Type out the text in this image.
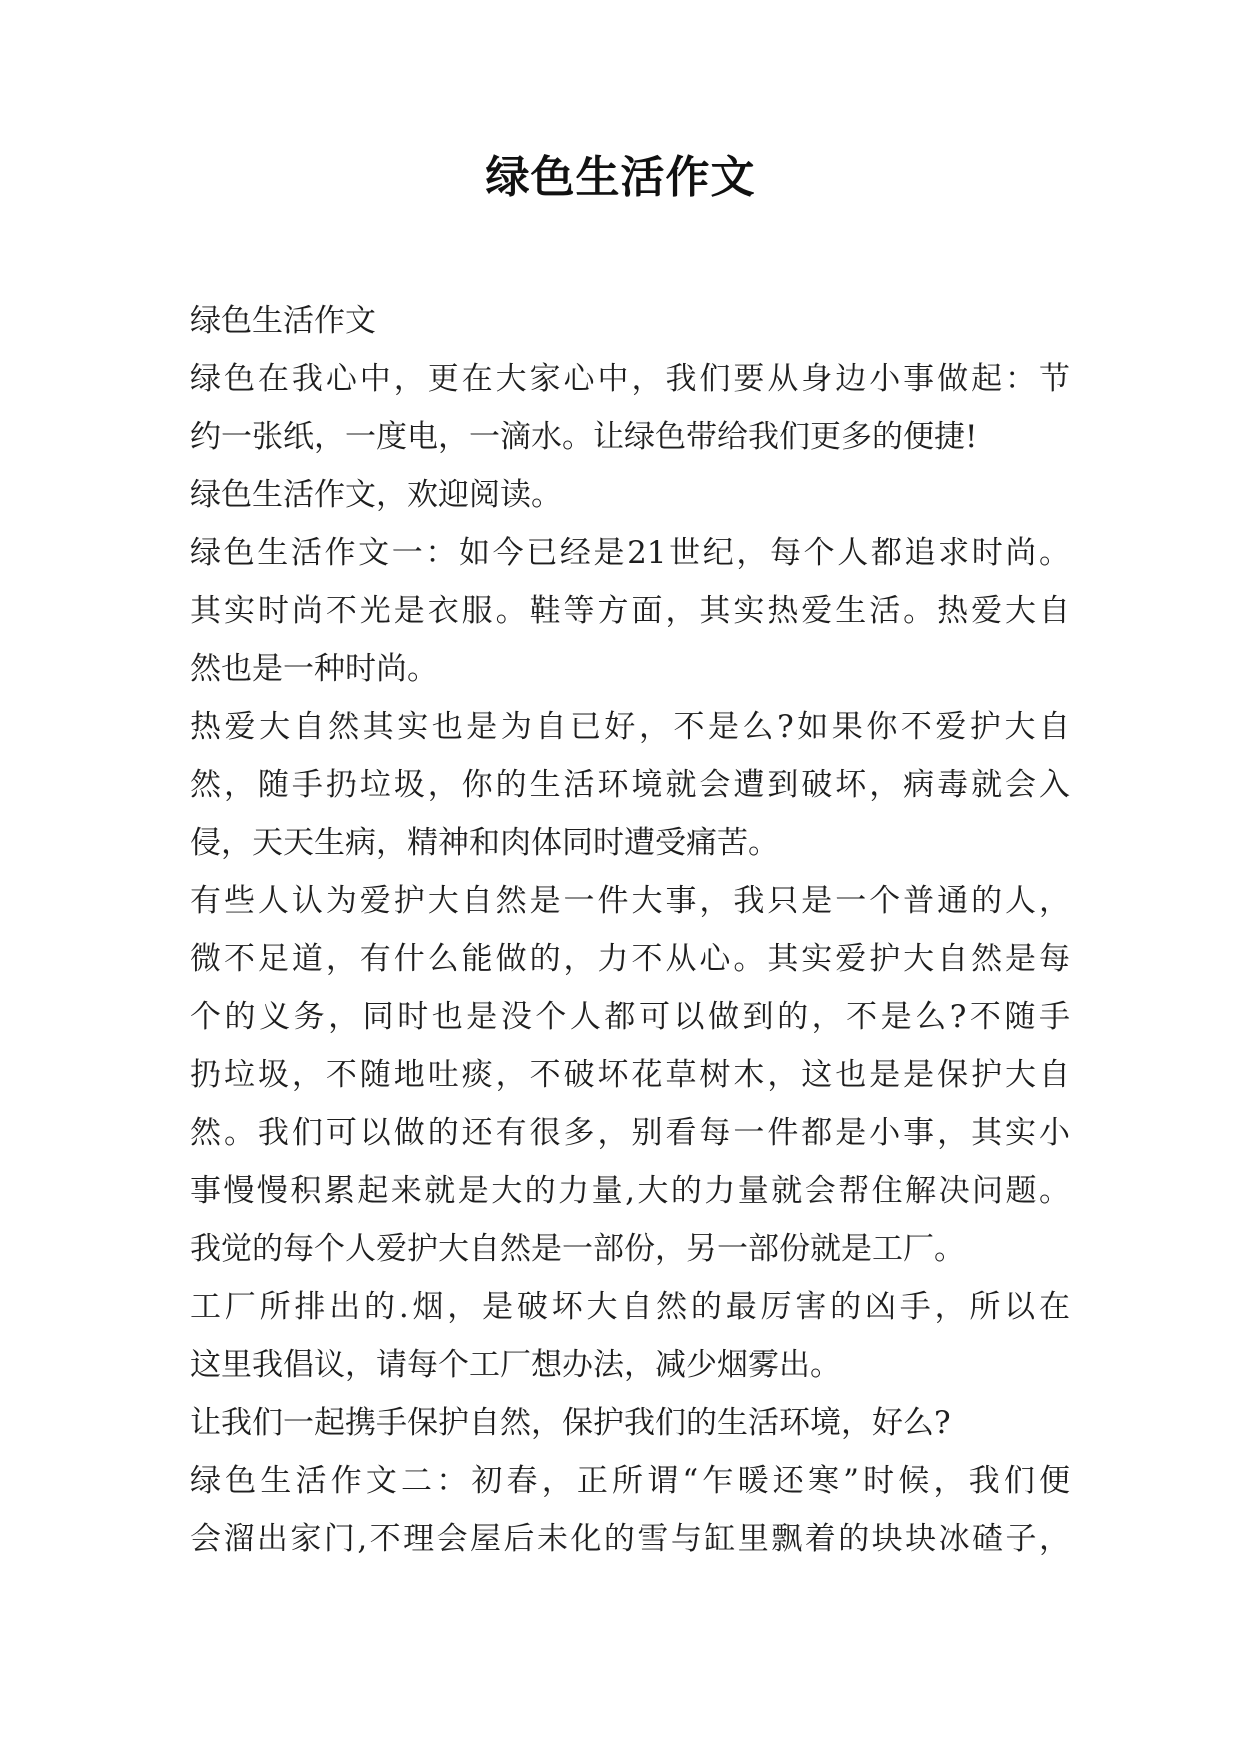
绿色生活作文
绿色生活作文
绿色在我心中，更在大家心中，我们要从身边小事做起：节
约一张纸，一度电，一滴水。让绿色带给我们更多的便捷!
绿色生活作文，欢迎阅读。
绿色生活作文一：如今已经是21世纪，每个人都追求时尚。
其实时尚不光是衣服。鞋等方面，其实热爱生活。热爱大自
然也是一种时尚。
热爱大自然其实也是为自已好，不是么?如果你不爱护大自
然，随手扔垃圾，你的生活环境就会遭到破坏，病毒就会入
侵，天天生病，精神和肉体同时遭受痛苦。
有些人认为爱护大自然是一件大事，我只是一个普通的人，
微不足道，有什么能做的，力不从心。其实爱护大自然是每
个的义务，同时也是没个人都可以做到的，不是么?不随手
扔垃圾，不随地吐痰，不破坏花草树木，这也是是保护大自
然。我们可以做的还有很多，别看每一件都是小事，其实小
事慢慢积累起来就是大的力量,大的力量就会帮住解决问题。
我觉的每个人爱护大自然是一部份，另一部份就是工厂。
工厂所排出的.烟，是破坏大自然的最厉害的凶手，所以在
这里我倡议，请每个工厂想办法，减少烟雾出。
让我们一起携手保护自然，保护我们的生活环境，好么?
绿色生活作文二：初春，正所谓“乍暖还寒”时候，我们便
会溜出家门,不理会屋后未化的雪与缸里飘着的块块冰碴子，
